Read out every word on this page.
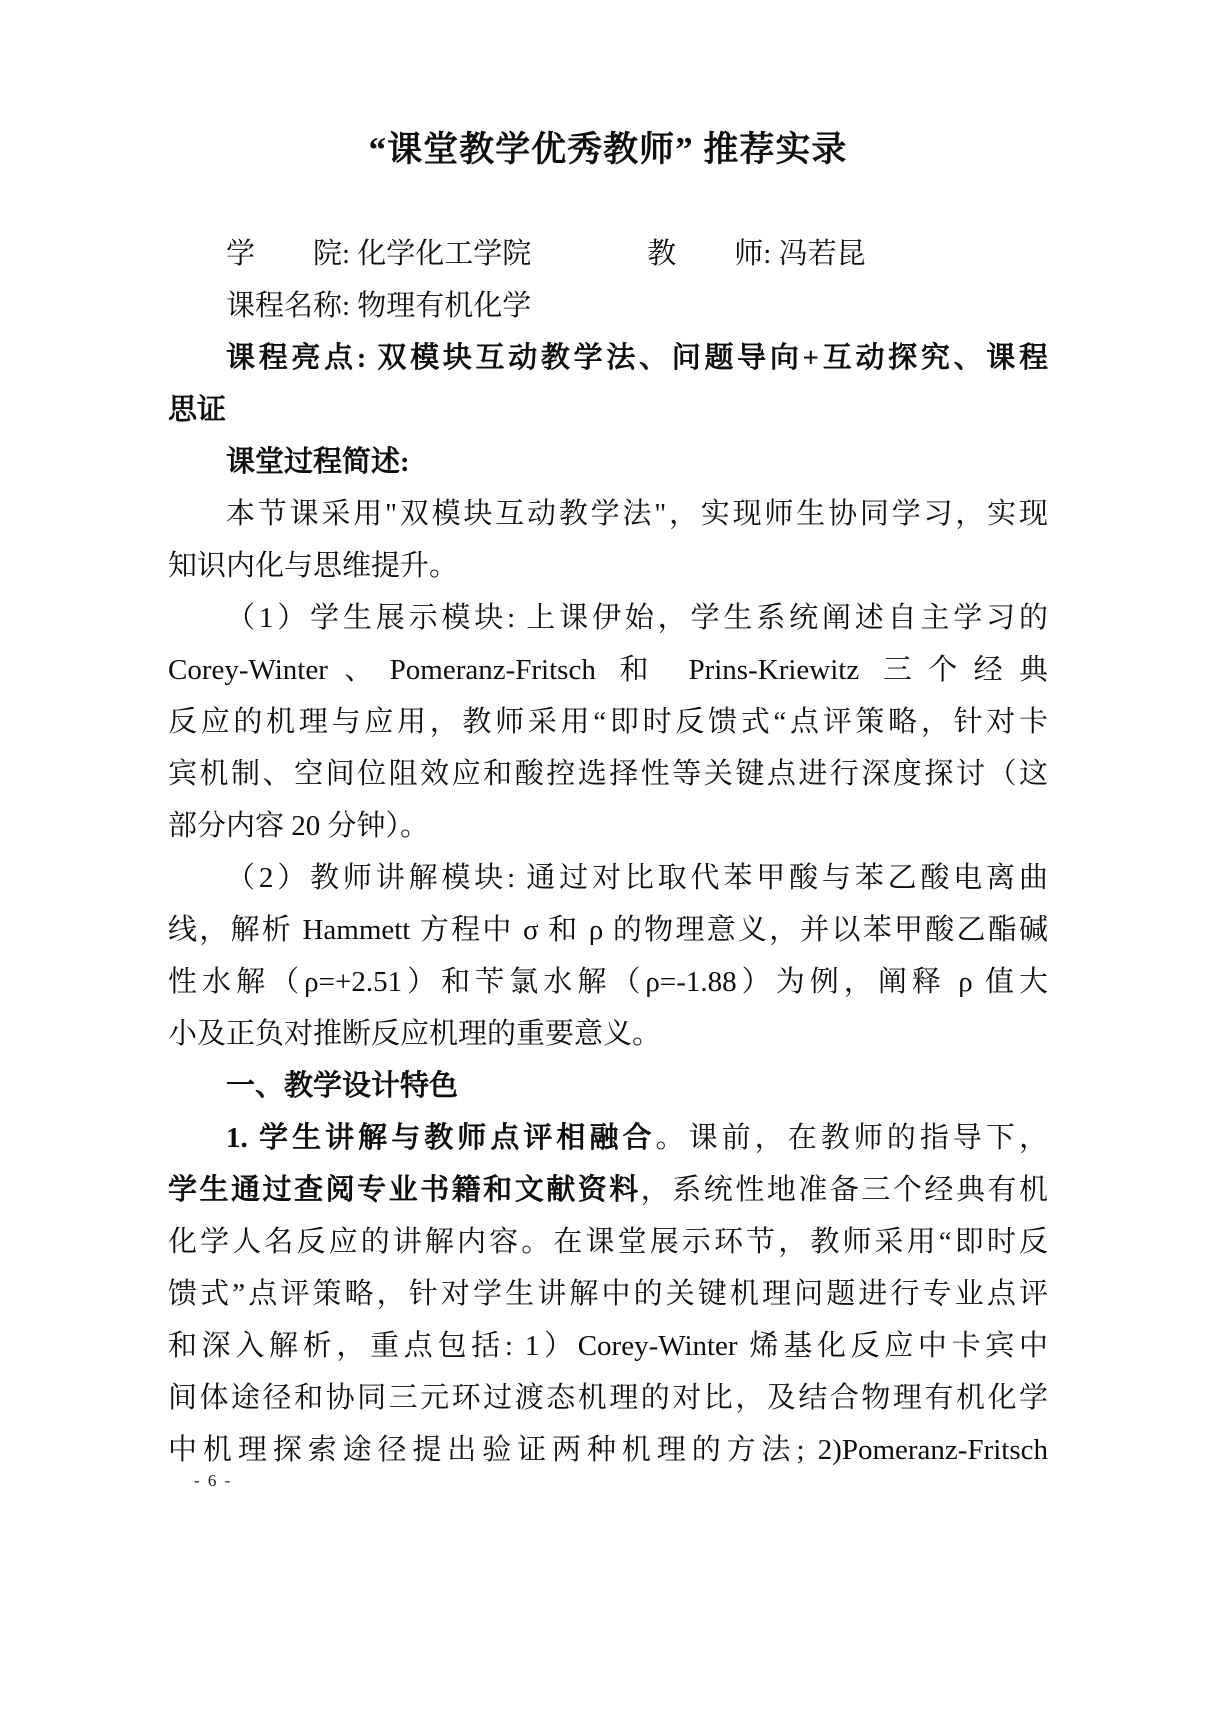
“课堂教学优秀教师” 推荐实录
学　　院: 化学化工学院　　　　教　　师: 冯若昆
课程名称: 物理有机化学
课程亮点: 双模块互动教学法、问题导向+互动探究、课程
思证
课堂过程简述:
本节课采用"双模块互动教学法"，实现师生协同学习，实现
知识内化与思维提升。
（1）学生展示模块: 上课伊始，学生系统阐述自主学习的
Corey-Winter、Pomeranz-Fritsch 和 Prins-Kriewitz 三个经典
反应的机理与应用，教师采用“即时反馈式“点评策略，针对卡
宾机制、空间位阻效应和酸控选择性等关键点进行深度探讨（这
部分内容 20 分钟）。
（2）教师讲解模块: 通过对比取代苯甲酸与苯乙酸电离曲
线，解析 Hammett 方程中 σ 和 ρ 的物理意义，并以苯甲酸乙酯碱
性水解（ρ=+2.51）和苄氯水解（ρ=-1.88）为例，阐释 ρ 值大
小及正负对推断反应机理的重要意义。
一、教学设计特色
1. 学生讲解与教师点评相融合。课前，在教师的指导下，
学生通过查阅专业书籍和文献资料，系统性地准备三个经典有机
化学人名反应的讲解内容。在课堂展示环节，教师采用“即时反
馈式”点评策略，针对学生讲解中的关键机理问题进行专业点评
和深入解析，重点包括: 1）Corey-Winter 烯基化反应中卡宾中
间体途径和协同三元环过渡态机理的对比，及结合物理有机化学
中机理探索途径提出验证两种机理的方法; 2)Pomeranz-Fritsch
- 6 -
